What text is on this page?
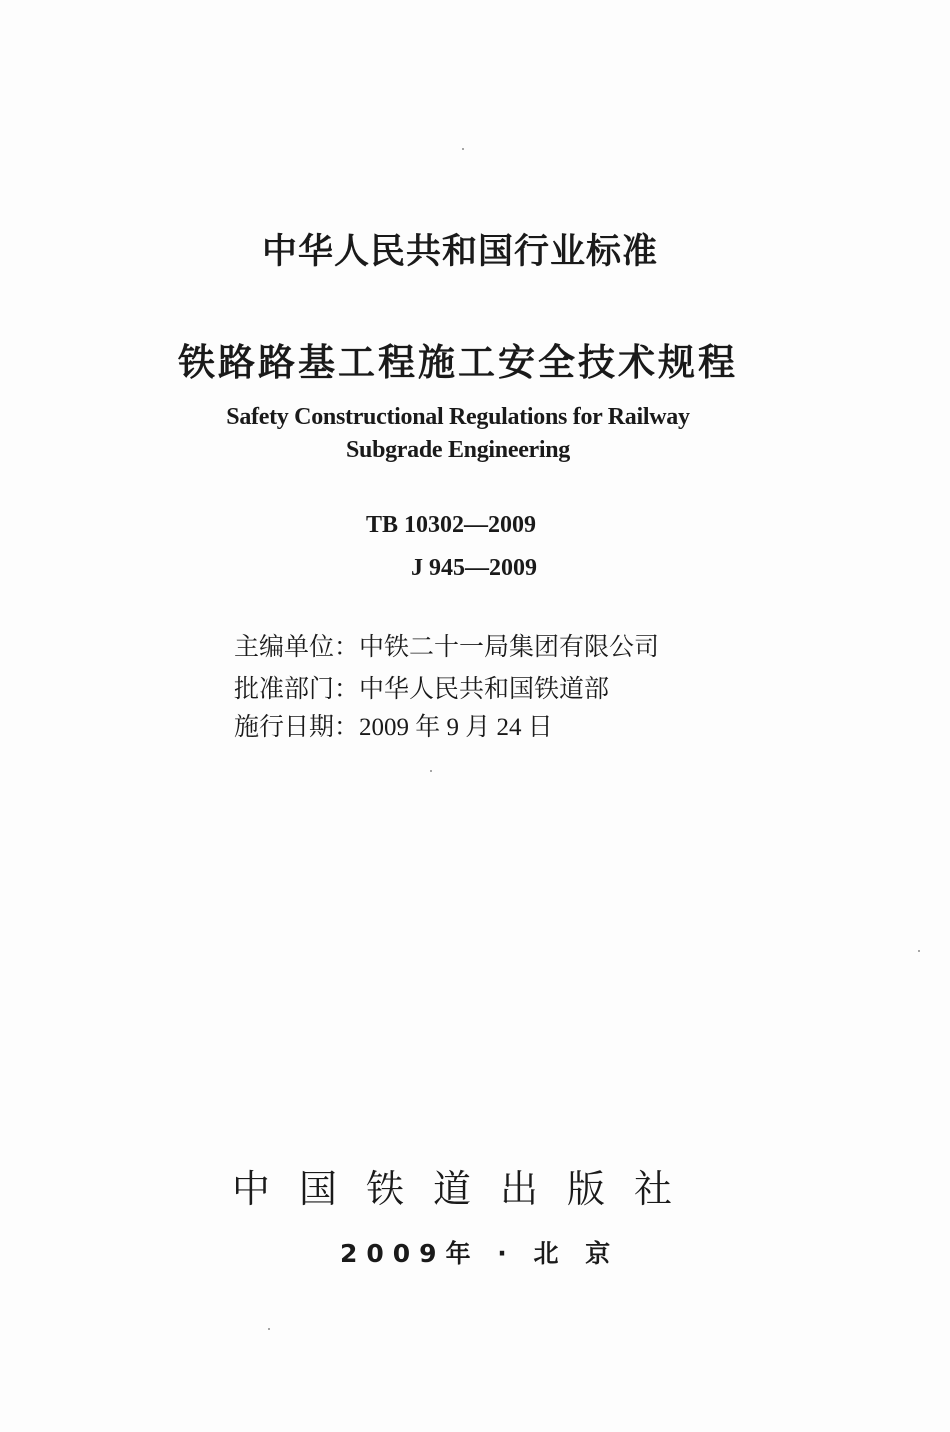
中华人民共和国行业标准
铁路路基工程施工安全技术规程
Safety Constructional Regulations for Railway
Subgrade Engineering
TB 10302—2009
J 945—2009
主编单位：中铁二十一局集团有限公司
批准部门：中华人民共和国铁道部
施行日期：2009 年 9 月 24 日
中国铁道出版社
2009年 · 北 京
